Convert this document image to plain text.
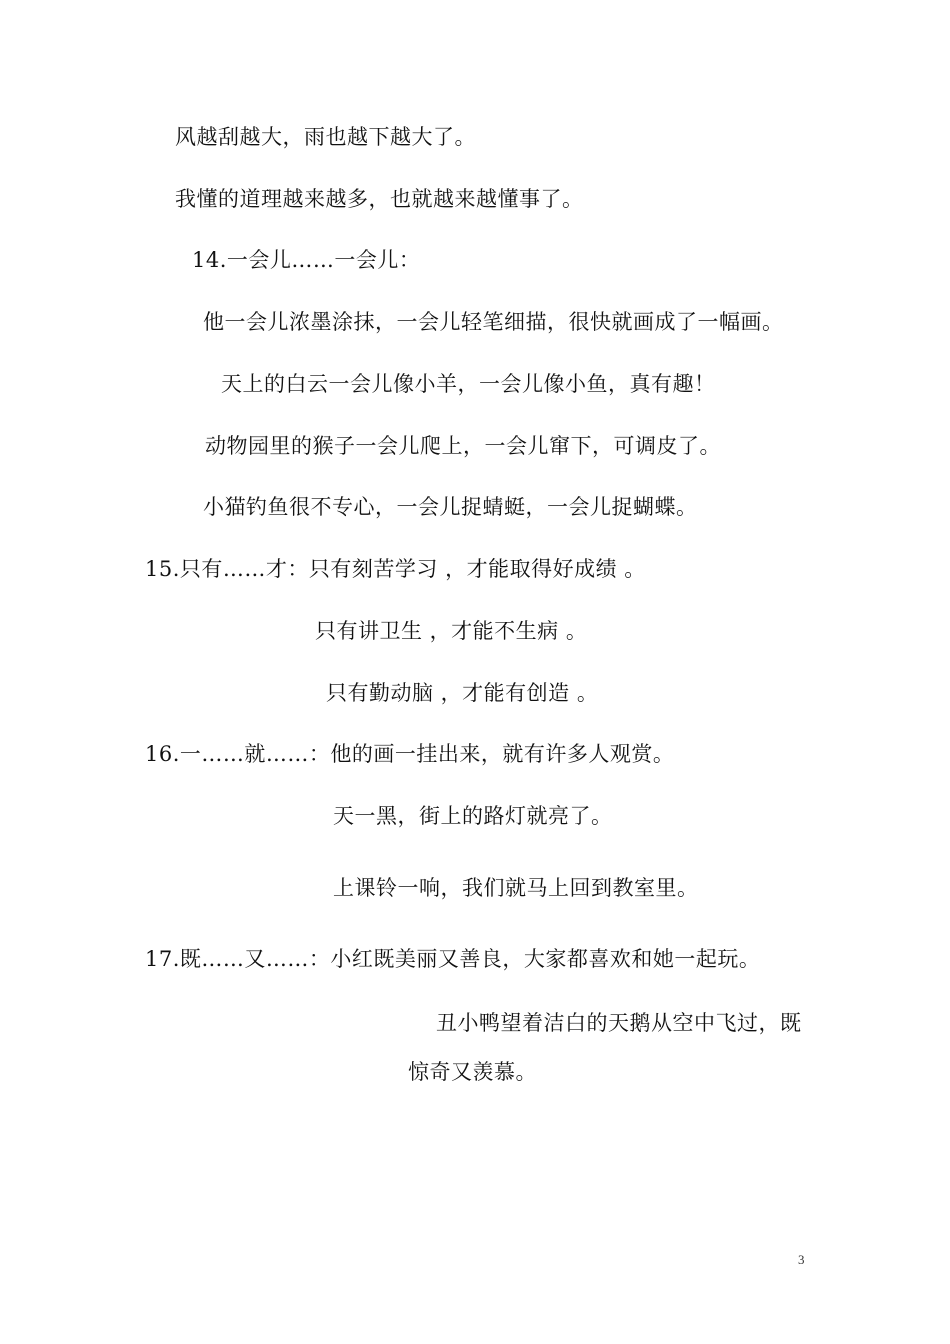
风越刮越大，雨也越下越大了。
我懂的道理越来越多，也就越来越懂事了。
14.一会儿……一会儿：
他一会儿浓墨涂抹，一会儿轻笔细描，很快就画成了一幅画。
天上的白云一会儿像小羊，一会儿像小鱼，真有趣！
动物园里的猴子一会儿爬上，一会儿窜下，可调皮了。
小猫钓鱼很不专心，一会儿捉蜻蜓，一会儿捉蝴蝶。
15.只有……才：只有刻苦学习 ，才能取得好成绩 。
只有讲卫生 ，才能不生病 。
只有勤动脑 ，才能有创造 。
16.一……就……：他的画一挂出来，就有许多人观赏。
天一黑，街上的路灯就亮了。
上课铃一响，我们就马上回到教室里。
17.既……又……：小红既美丽又善良，大家都喜欢和她一起玩。
丑小鸭望着洁白的天鹅从空中飞过，既
惊奇又羡慕。
3
